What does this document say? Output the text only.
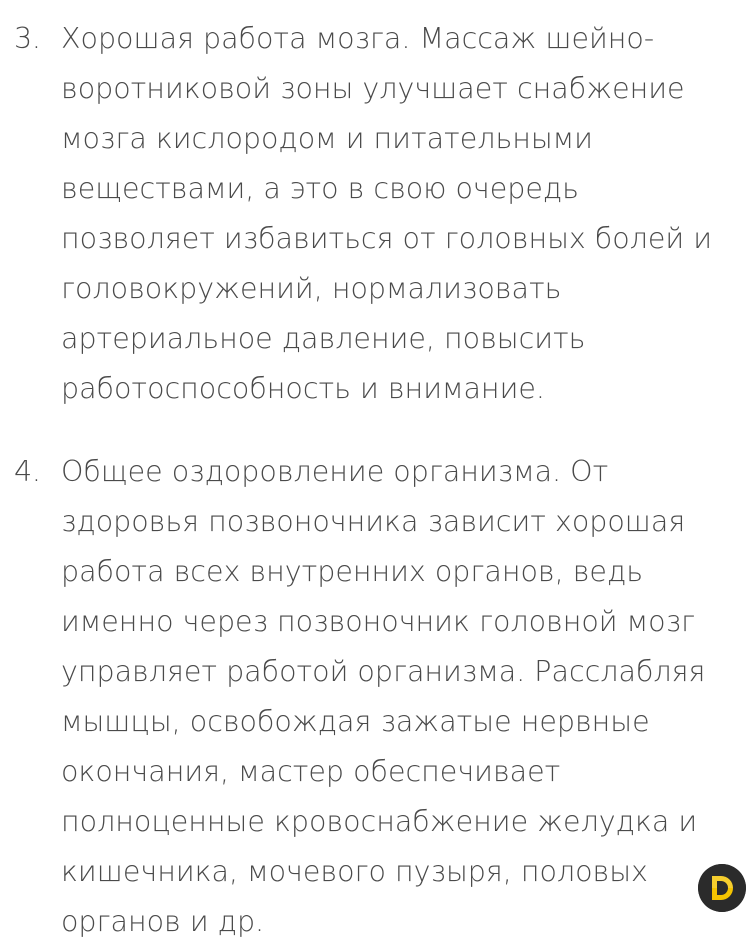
3. Хорошая работа мозга. Массаж шейно-
воротниковой зоны улучшает снабжение
мозга кислородом и питательными
веществами, а это в свою очередь
позволяет избавиться от головных болей и
головокружений, нормализовать
артериальное давление, повысить
работоспособность и внимание.
4. Общее оздоровление организма. От
здоровья позвоночника зависит хорошая
работа всех внутренних органов, ведь
именно через позвоночник головной мозг
управляет работой организма. Расслабляя
мышцы, освобождая зажатые нервные
окончания, мастер обеспечивает
полноценные кровоснабжение желудка и
кишечника, мочевого пузыря, половых
органов и др.
